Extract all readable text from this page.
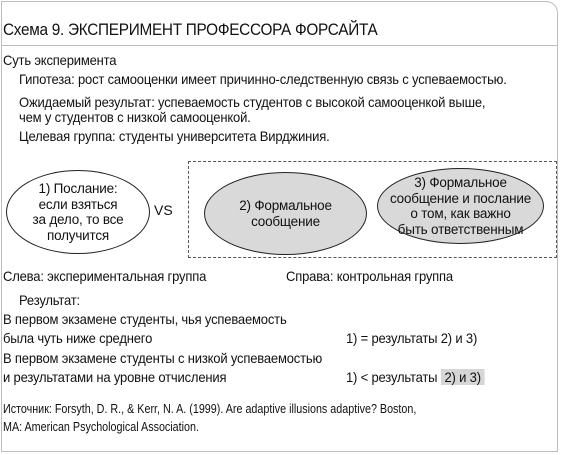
Схема 9. ЭКСПЕРИМЕНТ ПРОФЕССОРА ФОРСАЙТА
Суть эксперимента
Гипотеза: рост самооценки имеет причинно-следственную связь с успеваемостью.
Ожидаемый результат: успеваемость студентов с высокой самооценкой выше,
чем у студентов с низкой самооценкой.
Целевая группа: студенты университета Вирджиния.
1) Послание:
если взяться
за дело, то все
получится
VS	2) Формальное
сообщение
3) Формальное
сообщение и послание
о том, как важно
быть ответственным
Слева: экспериментальная группа	Справа: контрольная группа
Результат:
В первом экзамене студенты, чья успеваемость
была чуть ниже среднего	1) = результаты 2) и 3)
В первом экзамене студенты с низкой успеваемостью
и результатами на уровне отчисления	1) < результаты 2) и 3)
Источник: Forsyth, D. R., & Kerr, N. A. (1999). Are adaptive illusions adaptive? Boston,
MA: American Psychological Association.
